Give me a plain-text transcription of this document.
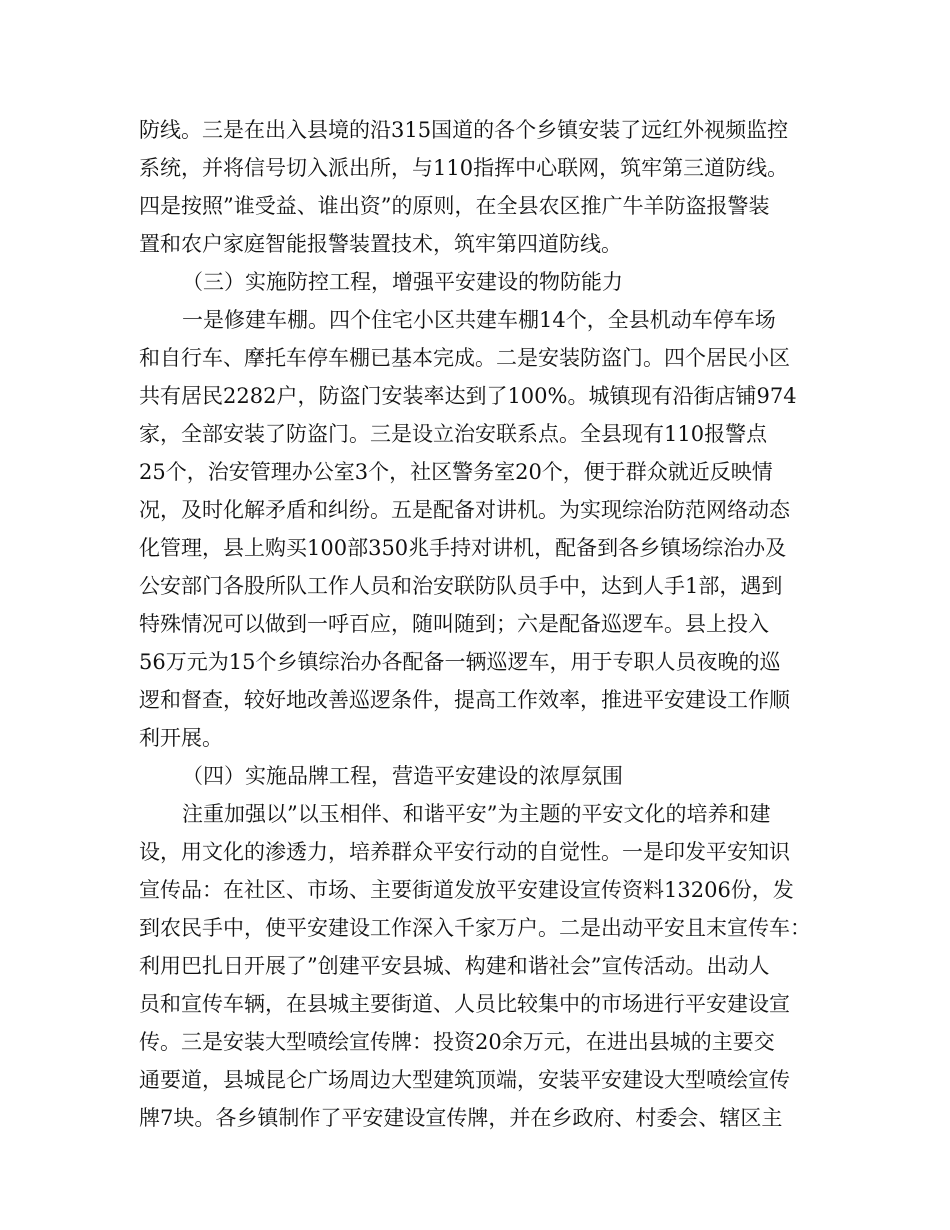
防线。三是在出入县境的沿315国道的各个乡镇安装了远红外视频监控
系统，并将信号切入派出所，与110指挥中心联网，筑牢第三道防线。
四是按照”谁受益、谁出资”的原则，在全县农区推广牛羊防盗报警装
置和农户家庭智能报警装置技术，筑牢第四道防线。
（三）实施防控工程，增强平安建设的物防能力
一是修建车棚。四个住宅小区共建车棚14个，全县机动车停车场
和自行车、摩托车停车棚已基本完成。二是安装防盗门。四个居民小区
共有居民2282户，防盗门安装率达到了100%。城镇现有沿街店铺974
家，全部安装了防盗门。三是设立治安联系点。全县现有110报警点
25个，治安管理办公室3个，社区警务室20个，便于群众就近反映情
况，及时化解矛盾和纠纷。五是配备对讲机。为实现综治防范网络动态
化管理，县上购买100部350兆手持对讲机，配备到各乡镇场综治办及
公安部门各股所队工作人员和治安联防队员手中，达到人手1部，遇到
特殊情况可以做到一呼百应，随叫随到；六是配备巡逻车。县上投入
56万元为15个乡镇综治办各配备一辆巡逻车，用于专职人员夜晚的巡
逻和督查，较好地改善巡逻条件，提高工作效率，推进平安建设工作顺
利开展。
（四）实施品牌工程，营造平安建设的浓厚氛围
注重加强以”以玉相伴、和谐平安”为主题的平安文化的培养和建
设，用文化的渗透力，培养群众平安行动的自觉性。一是印发平安知识
宣传品：在社区、市场、主要街道发放平安建设宣传资料13206份，发
到农民手中，使平安建设工作深入千家万户。二是出动平安且末宣传车：
利用巴扎日开展了”创建平安县城、构建和谐社会”宣传活动。出动人
员和宣传车辆，在县城主要街道、人员比较集中的市场进行平安建设宣
传。三是安装大型喷绘宣传牌：投资20余万元，在进出县城的主要交
通要道，县城昆仑广场周边大型建筑顶端，安装平安建设大型喷绘宣传
牌7块。各乡镇制作了平安建设宣传牌，并在乡政府、村委会、辖区主
